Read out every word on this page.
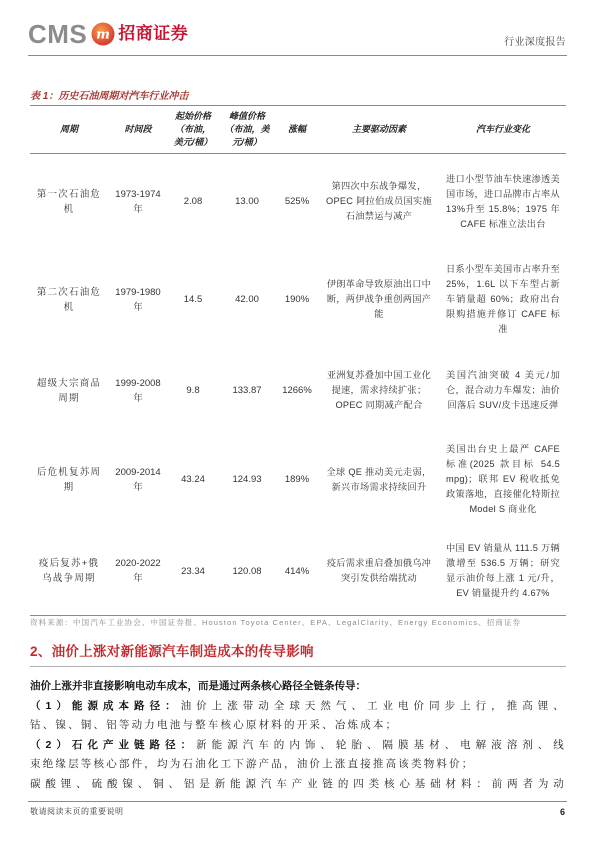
CMS m 招商证券	行业深度报告
表 1：历史石油周期对汽车行业冲击
周期	时间段	起始价格（布油，美元/桶）	峰值价格（布油，美元/桶）	涨幅	主要驱动因素	汽车行业变化
第一次石油危机	1973-1974年	2.08	13.00	525%	第四次中东战争爆发，OPEC 阿拉伯成员国实施石油禁运与减产	进口小型节油车快速渗透美国市场，进口品牌市占率从13%升至 15.8%；1975 年 CAFE 标准立法出台
第二次石油危机	1979-1980年	14.5	42.00	190%	伊朗革命导致原油出口中断，两伊战争重创两国产能	日系小型车美国市占率升至 25%，1.6L 以下车型占新车销量超 60%；政府出台限购措施并修订 CAFE 标准
超级大宗商品周期	1999-2008年	9.8	133.87	1266%	亚洲复苏叠加中国工业化提速，需求持续扩张；OPEC 同期减产配合	美国汽油突破 4 美元/加仑，混合动力车爆发；油价回落后 SUV/皮卡迅速反弹
后危机复苏周期	2009-2014年	43.24	124.93	189%	全球 QE 推动美元走弱，新兴市场需求持续回升	美国出台史上最严 CAFE 标准(2025 款目标 54.5 mpg)；联邦 EV 税收抵免政策落地，直接催化特斯拉 Model S 商业化
疫后复苏+俄乌战争周期	2020-2022年	23.34	120.08	414%	疫后需求重启叠加俄乌冲突引发供给端扰动	中国 EV 销量从 111.5 万辆激增至 536.5 万辆；研究显示油价每上涨 1 元/升，EV 销量提升约 4.67%
资料来源：中国汽车工业协会、中国证券报、Houston Toyota Center、EPA、LegalClarity、Energy Economics、招商证券
2、油价上涨对新能源汽车制造成本的传导影响
油价上涨并非直接影响电动车成本，而是通过两条核心路径全链条传导：
（1）能源成本路径：油价上涨带动全球天然气、工业电价同步上行，推高锂、
钴、镍、铜、铝等动力电池与整车核心原材料的开采、冶炼成本；
（2）石化产业链路径：新能源汽车的内饰、轮胎、隔膜基材、电解液溶剂、线
束绝缘层等核心部件，均为石油化工下游产品，油价上涨直接推高该类物料价；
碳酸锂、硫酸镍、铜、铝是新能源汽车产业链的四类核心基础材料：前两者为动
敬请阅读末页的重要说明	6
